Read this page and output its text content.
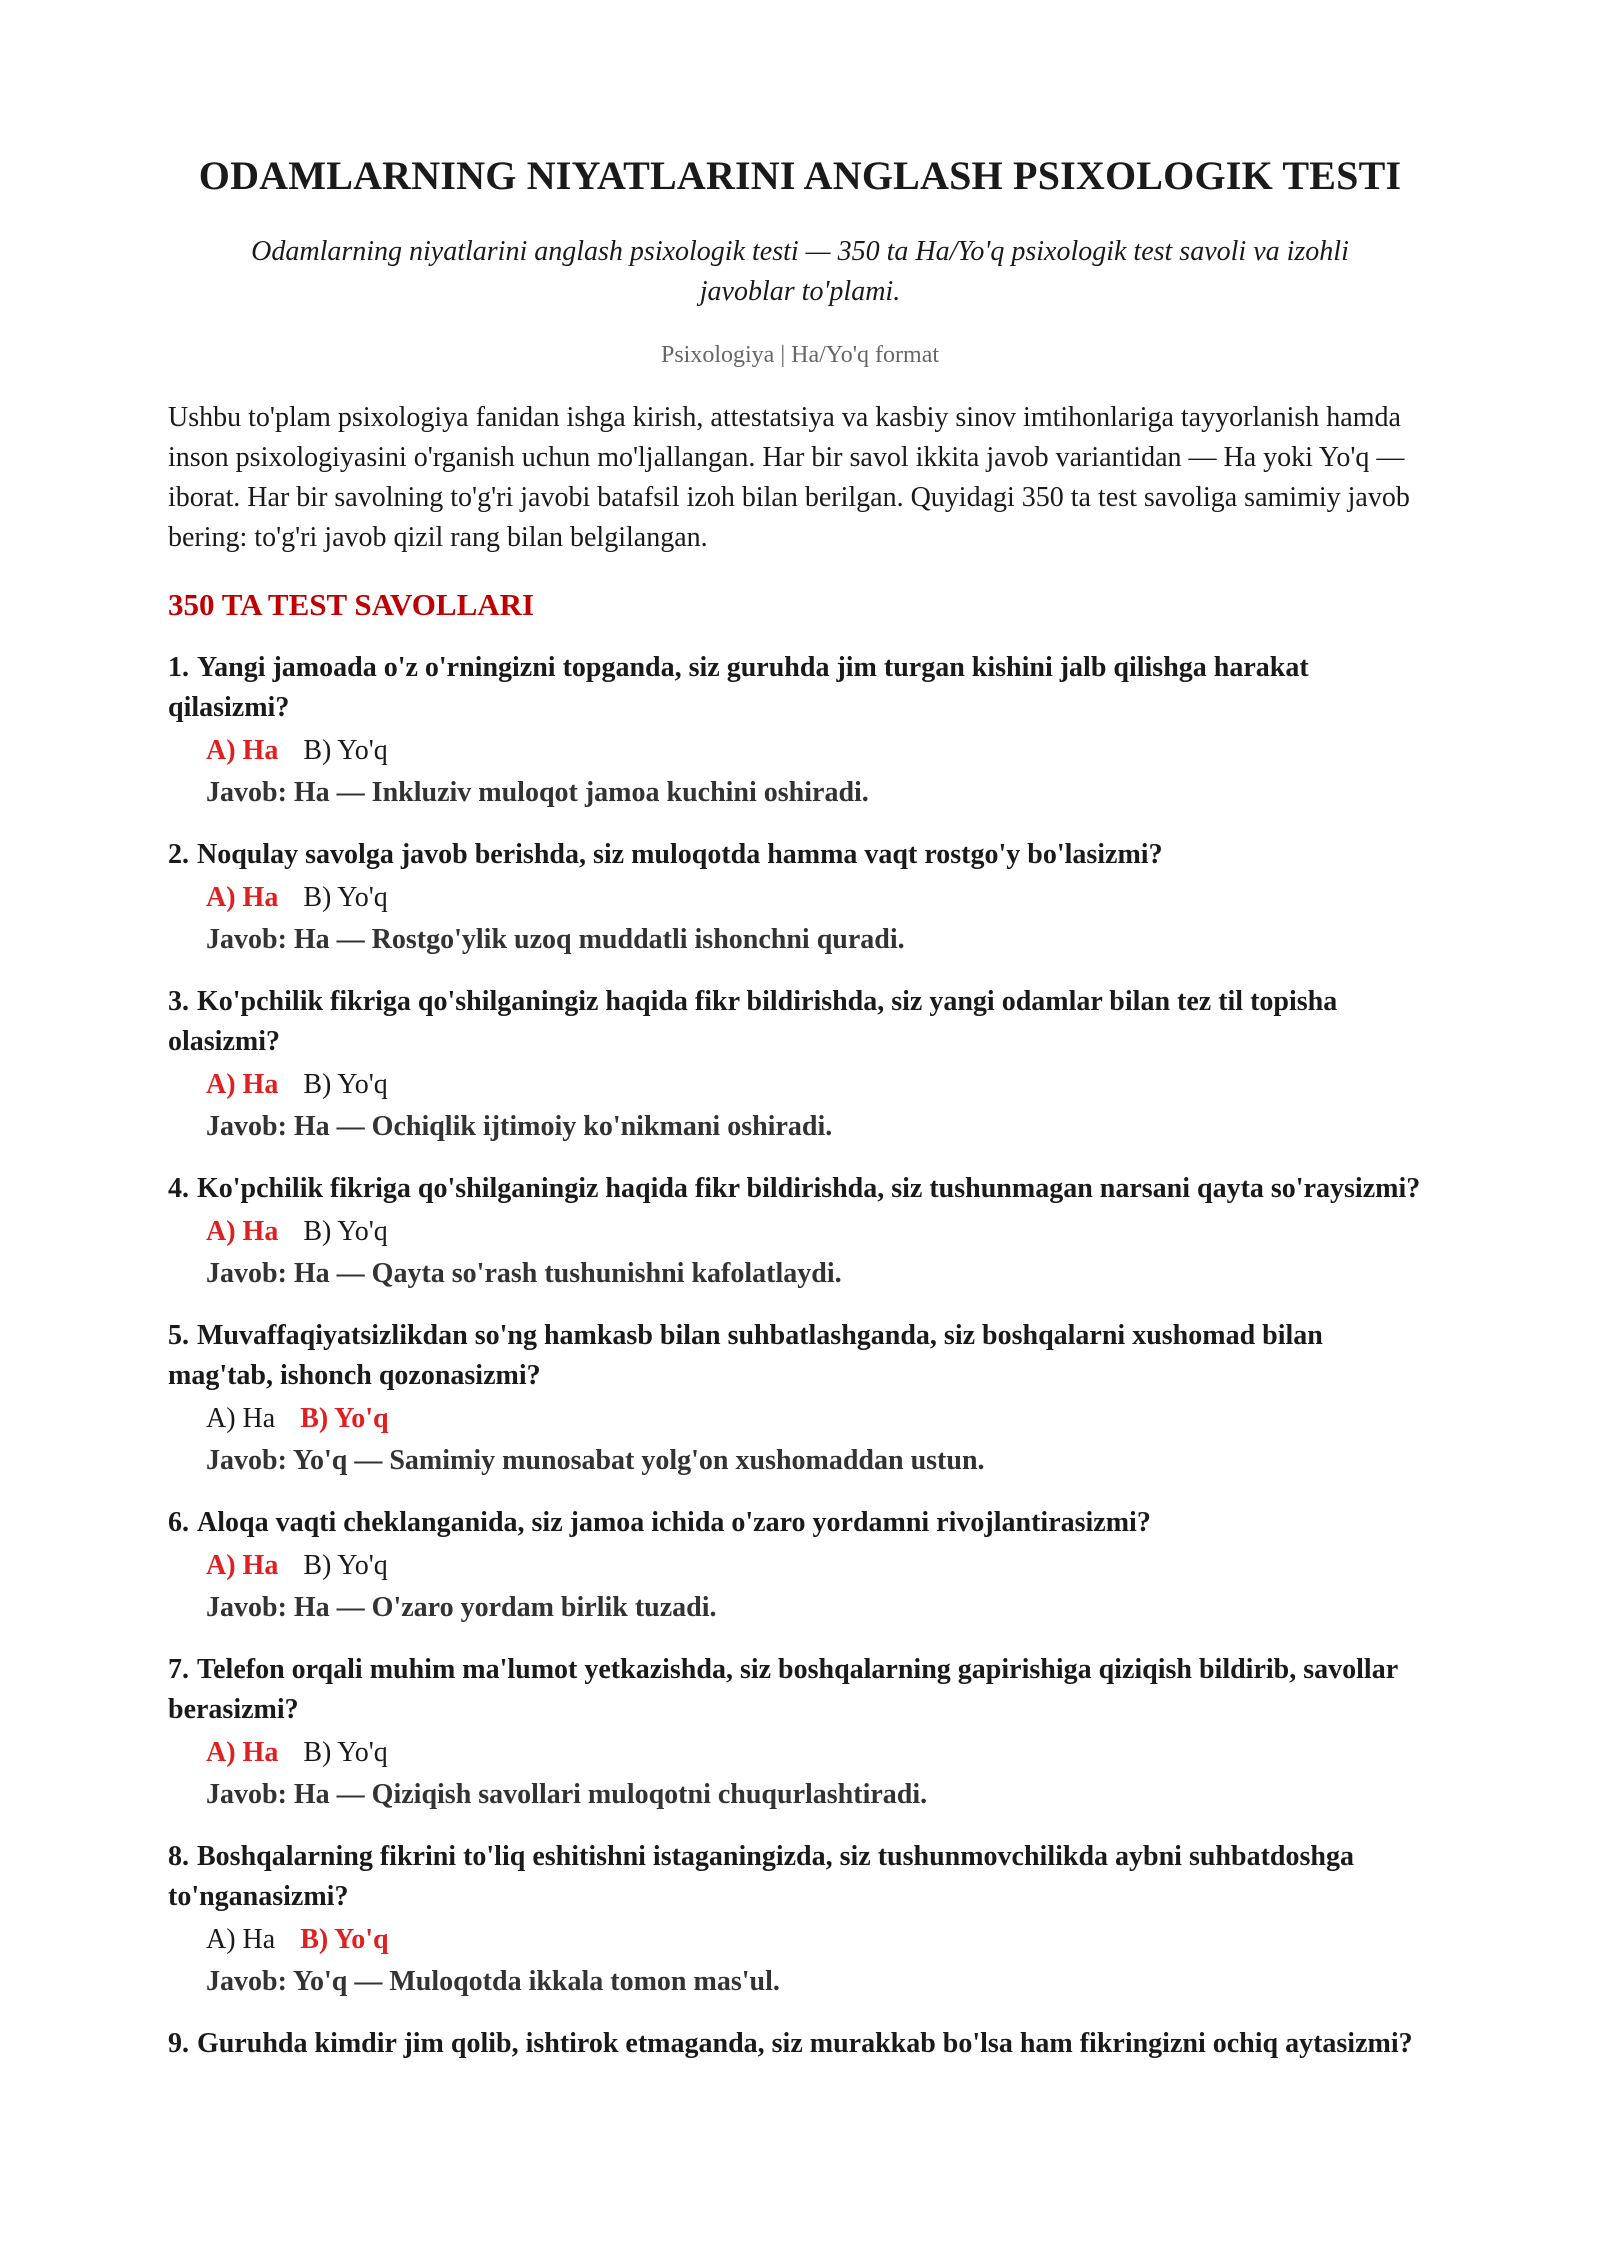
ODAMLARNING NIYATLARINI ANGLASH PSIXOLOGIK TESTI

Odamlarning niyatlarini anglash psixologik testi — 350 ta Ha/Yo'q psixologik test savoli va izohli javoblar to'plami.

Psixologiya | Ha/Yo'q format

Ushbu to'plam psixologiya fanidan ishga kirish, attestatsiya va kasbiy sinov imtihonlariga tayyorlanish hamda inson psixologiyasini o'rganish uchun mo'ljallangan. Har bir savol ikkita javob variantidan — Ha yoki Yo'q — iborat. Har bir savolning to'g'ri javobi batafsil izoh bilan berilgan. Quyidagi 350 ta test savoliga samimiy javob bering: to'g'ri javob qizil rang bilan belgilangan.

350 TA TEST SAVOLLARI

1. Yangi jamoada o'z o'rningizni topganda, siz guruhda jim turgan kishini jalb qilishga harakat qilasizmi?

A) Ha B) Yo'q

Javob: Ha — Inkluziv muloqot jamoa kuchini oshiradi.

2. Noqulay savolga javob berishda, siz muloqotda hamma vaqt rostgo'y bo'lasizmi?

A) Ha B) Yo'q

Javob: Ha — Rostgo'ylik uzoq muddatli ishonchni quradi.

3. Ko'pchilik fikriga qo'shilganingiz haqida fikr bildirishda, siz yangi odamlar bilan tez til topisha olasizmi?

A) Ha B) Yo'q

Javob: Ha — Ochiqlik ijtimoiy ko'nikmani oshiradi.

4. Ko'pchilik fikriga qo'shilganingiz haqida fikr bildirishda, siz tushunmagan narsani qayta so'raysizmi?

A) Ha B) Yo'q

Javob: Ha — Qayta so'rash tushunishni kafolatlaydi.

5. Muvaffaqiyatsizlikdan so'ng hamkasb bilan suhbatlashganda, siz boshqalarni xushomad bilan mag'tab, ishonch qozonasizmi?

A) Ha B) Yo'q

Javob: Yo'q — Samimiy munosabat yolg'on xushomaddan ustun.

6. Aloqa vaqti cheklanganida, siz jamoa ichida o'zaro yordamni rivojlantirasizmi?

A) Ha B) Yo'q

Javob: Ha — O'zaro yordam birlik tuzadi.

7. Telefon orqali muhim ma'lumot yetkazishda, siz boshqalarning gapirishiga qiziqish bildirib, savollar berasizmi?

A) Ha B) Yo'q

Javob: Ha — Qiziqish savollari muloqotni chuqurlashtiradi.

8. Boshqalarning fikrini to'liq eshitishni istaganingizda, siz tushunmovchilikda aybni suhbatdoshga to'nganasizmi?

A) Ha B) Yo'q

Javob: Yo'q — Muloqotda ikkala tomon mas'ul.

9. Guruhda kimdir jim qolib, ishtirok etmaganda, siz murakkab bo'lsa ham fikringizni ochiq aytasizmi?
